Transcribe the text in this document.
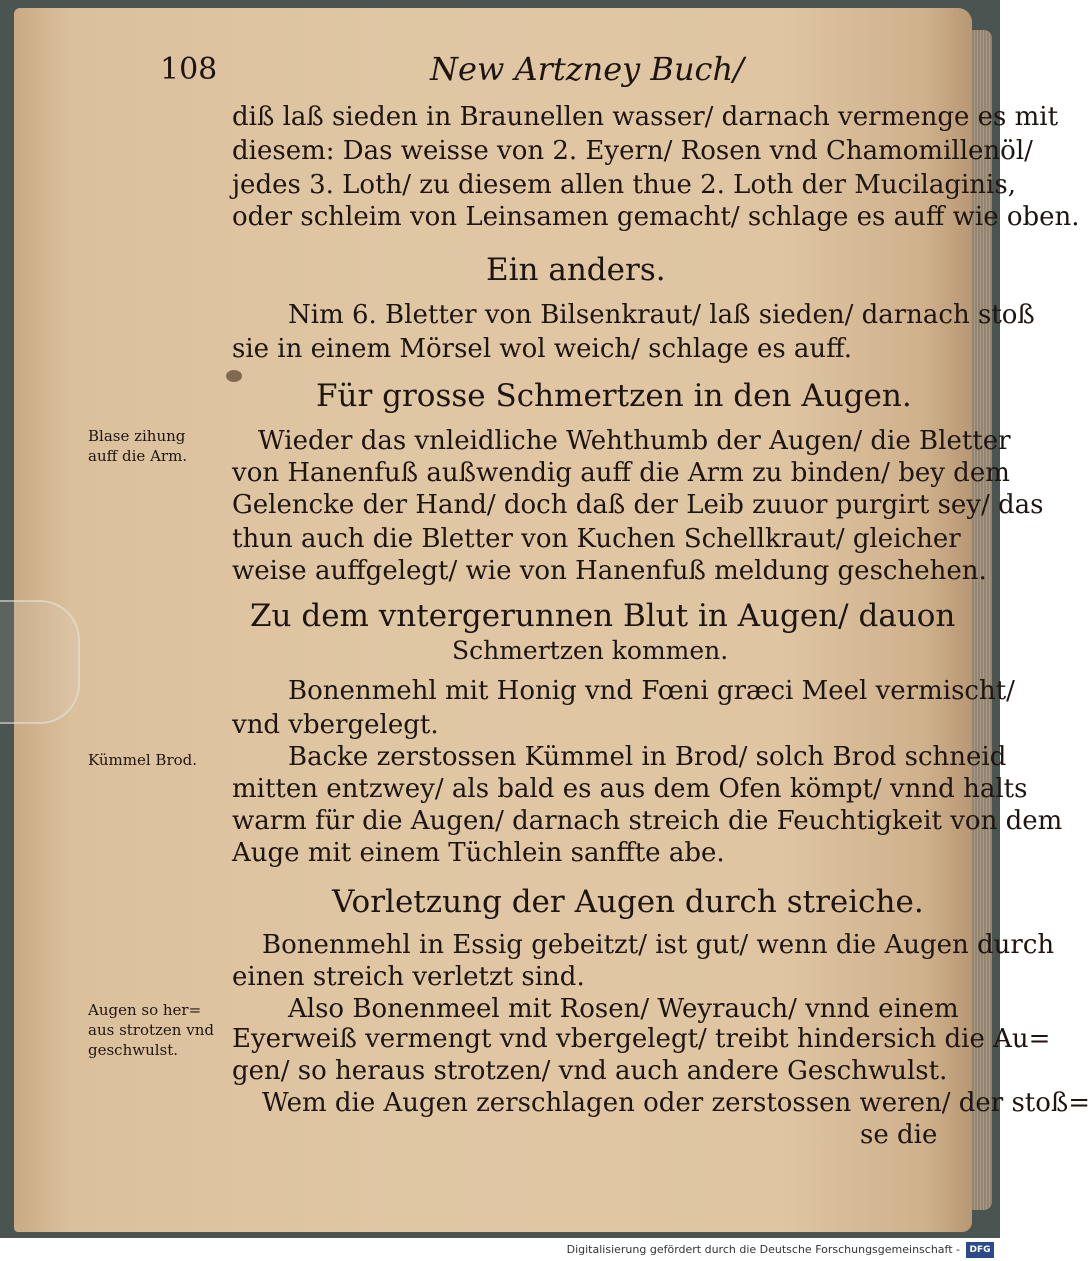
108	New Artzney Buch/
diß laß sieden in Braunellen wasser/ darnach vermenge es mit
diesem: Das weisse von 2. Eyern/ Rosen vnd Chamomillenöl/
jedes 3. Loth/ zu diesem allen thue 2. Loth der Mucilaginis,
oder schleim von Leinsamen gemacht/ schlage es auff wie oben.
Ein anders.
Nim 6. Bletter von Bilsenkraut/ laß sieden/ darnach stoß
sie in einem Mörsel wol weich/ schlage es auff.
Für grosse Schmertzen in den Augen.
Blase zihung auff die Arm.	Wieder das vnleidliche Wehthumb der Augen/ die Bletter
von Hanenfuß außwendig auff die Arm zu binden/ bey dem
Gelencke der Hand/ doch daß der Leib zuuor purgirt sey/ das
thun auch die Bletter von Kuchen Schellkraut/ gleicher
weise auffgelegt/ wie von Hanenfuß meldung geschehen.
Zu dem vntergerunnen Blut in Augen/ dauon
Schmertzen kommen.
Bonenmehl mit Honig vnd Fœni græci Meel vermischt/
vnd vbergelegt.
Kümmel Brod.	Backe zerstossen Kümmel in Brod/ solch Brod schneid
mitten entzwey/ als bald es aus dem Ofen kömpt/ vnnd halts
warm für die Augen/ darnach streich die Feuchtigkeit von dem
Auge mit einem Tüchlein sanffte abe.
Vorletzung der Augen durch streiche.
Bonenmehl in Essig gebeitzt/ ist gut/ wenn die Augen durch
einen streich verletzt sind.
Augen so her= aus strotzen vnd geschwulst.
Also Bonenmeel mit Rosen/ Weyrauch/ vnnd einem
Eyerweiß vermengt vnd vbergelegt/ treibt hindersich die Au=
gen/ so heraus strotzen/ vnd auch andere Geschwulst.
Wem die Augen zerschlagen oder zerstossen weren/ der stoß=
se die
Digitalisierung gefördert durch die Deutsche Forschungsgemeinschaft -	DFG
